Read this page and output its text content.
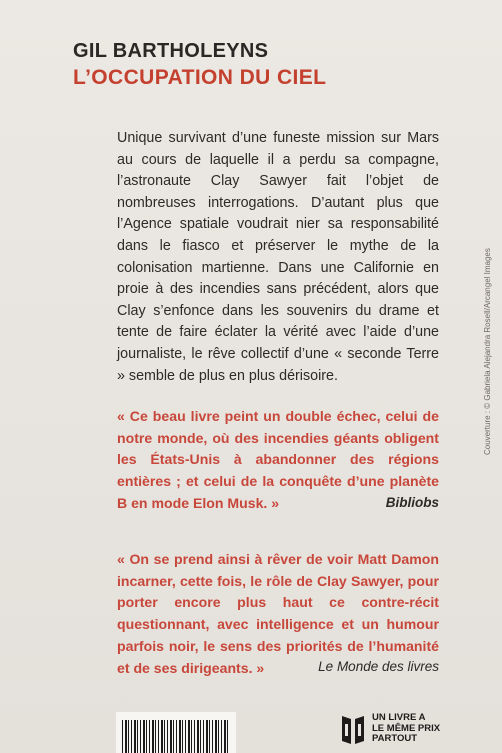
GIL BARTHOLEYNS
L’OCCUPATION DU CIEL

Unique survivant d’une funeste mission sur Mars au cours de laquelle il a perdu sa compagne, l’astronaute Clay Sawyer fait l’objet de nombreuses interrogations. D’autant plus que l’Agence spatiale voudrait nier sa responsabilité dans le fiasco et préserver le mythe de la colonisation martienne. Dans une Californie en proie à des incendies sans précédent, alors que Clay s’enfonce dans les souvenirs du drame et tente de faire éclater la vérité avec l’aide d’une journaliste, le rêve collectif d’une « seconde Terre » semble de plus en plus dérisoire.

« Ce beau livre peint un double échec, celui de notre monde, où des incendies géants obligent les États-Unis à abandonner des régions entières ; et celui de la conquête d’une planète B en mode Elon Musk. »	Bibliobs

« On se prend ainsi à rêver de voir Matt Damon incarner, cette fois, le rôle de Clay Sawyer, pour porter encore plus haut ce contre-récit questionnant, avec intelligence et un humour parfois noir, le sens des priorités de l’humanité et de ses dirigeants. »	Le Monde des livres
Couverture : © Gabriela Alejandra Rosell/Arcangel Images
UN LIVRE A
LE MÊME PRIX
PARTOUT
